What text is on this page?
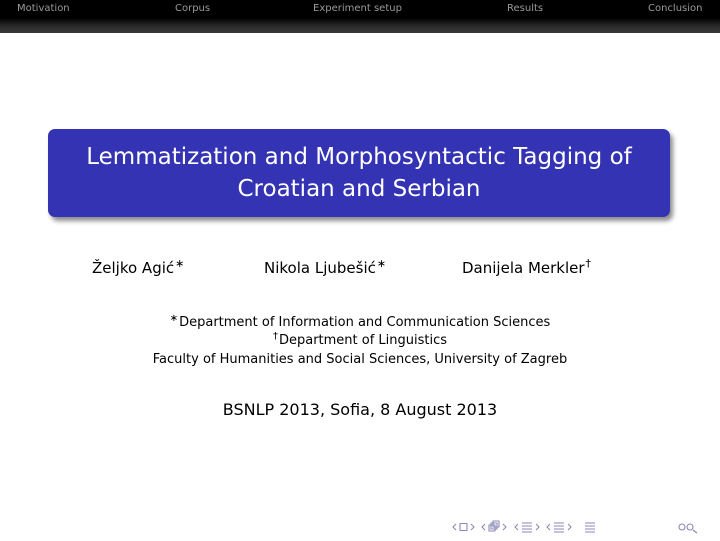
Motivation	Corpus	Experiment setup	Results	Conclusion
Lemmatization and Morphosyntactic Tagging of
Croatian and Serbian
Željko Agić∗	Nikola Ljubešić∗	Danijela Merkler†
∗Department of Information and Communication Sciences
†Department of Linguistics
Faculty of Humanities and Social Sciences, University of Zagreb
BSNLP 2013, Sofia, 8 August 2013
